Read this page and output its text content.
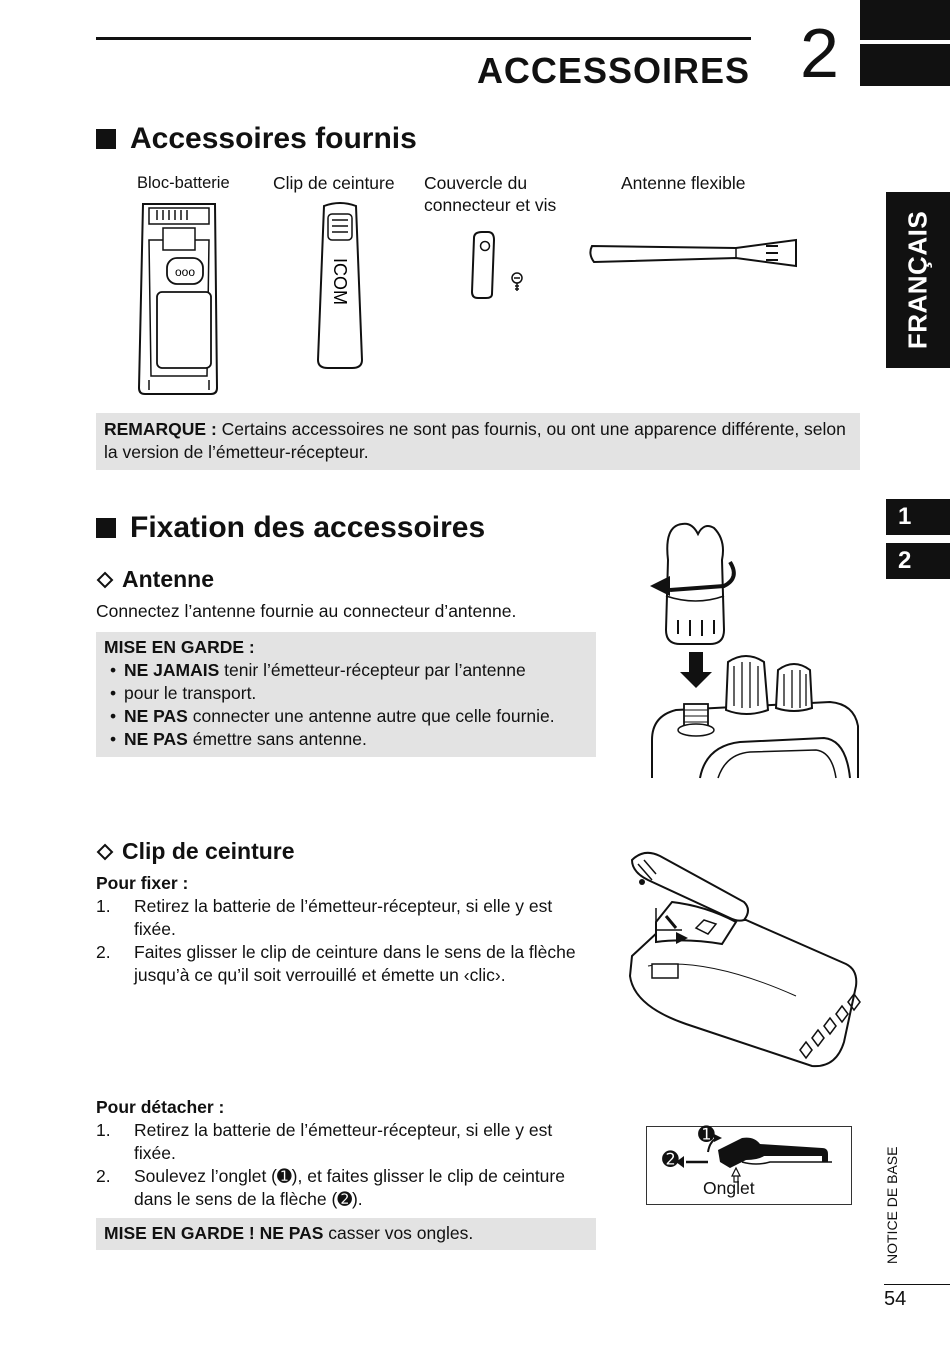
ACCESSOIRES 2
FRANÇAIS
1
2
NOTICE DE BASE
54
Accessoires fournis
Bloc-batterie Clip de ceinture Couvercle du
connecteur et vis
Antenne flexible
ooo	ICOM
REMARQUE : Certains accessoires ne sont pas fournis, ou ont une apparence différente, selon la version de l’émetteur-récepteur.
Fixation des accessoires
Antenne
Connectez l’antenne fournie au connecteur d’antenne.
MISE EN GARDE :
• NE JAMAIS tenir l’émetteur-récepteur par l’antenne
• pour le transport.
• NE PAS connecter une antenne autre que celle fournie.
• NE PAS émettre sans antenne.
Clip de ceinture
Pour fixer :
1. Retirez la batterie de l’émetteur-récepteur, si elle y est fixée.
2. Faites glisser le clip de ceinture dans le sens de la flèche jusqu’à ce qu’il soit verrouillé et émette un ‹clic›.
Pour détacher :
1. Retirez la batterie de l’émetteur-récepteur, si elle y est fixée.
2. Soulevez l’onglet (➊), et faites glisser le clip de ceinture dans le sens de la flèche (➋).
MISE EN GARDE ! NE PAS casser vos ongles.
➊
➋
Onglet
